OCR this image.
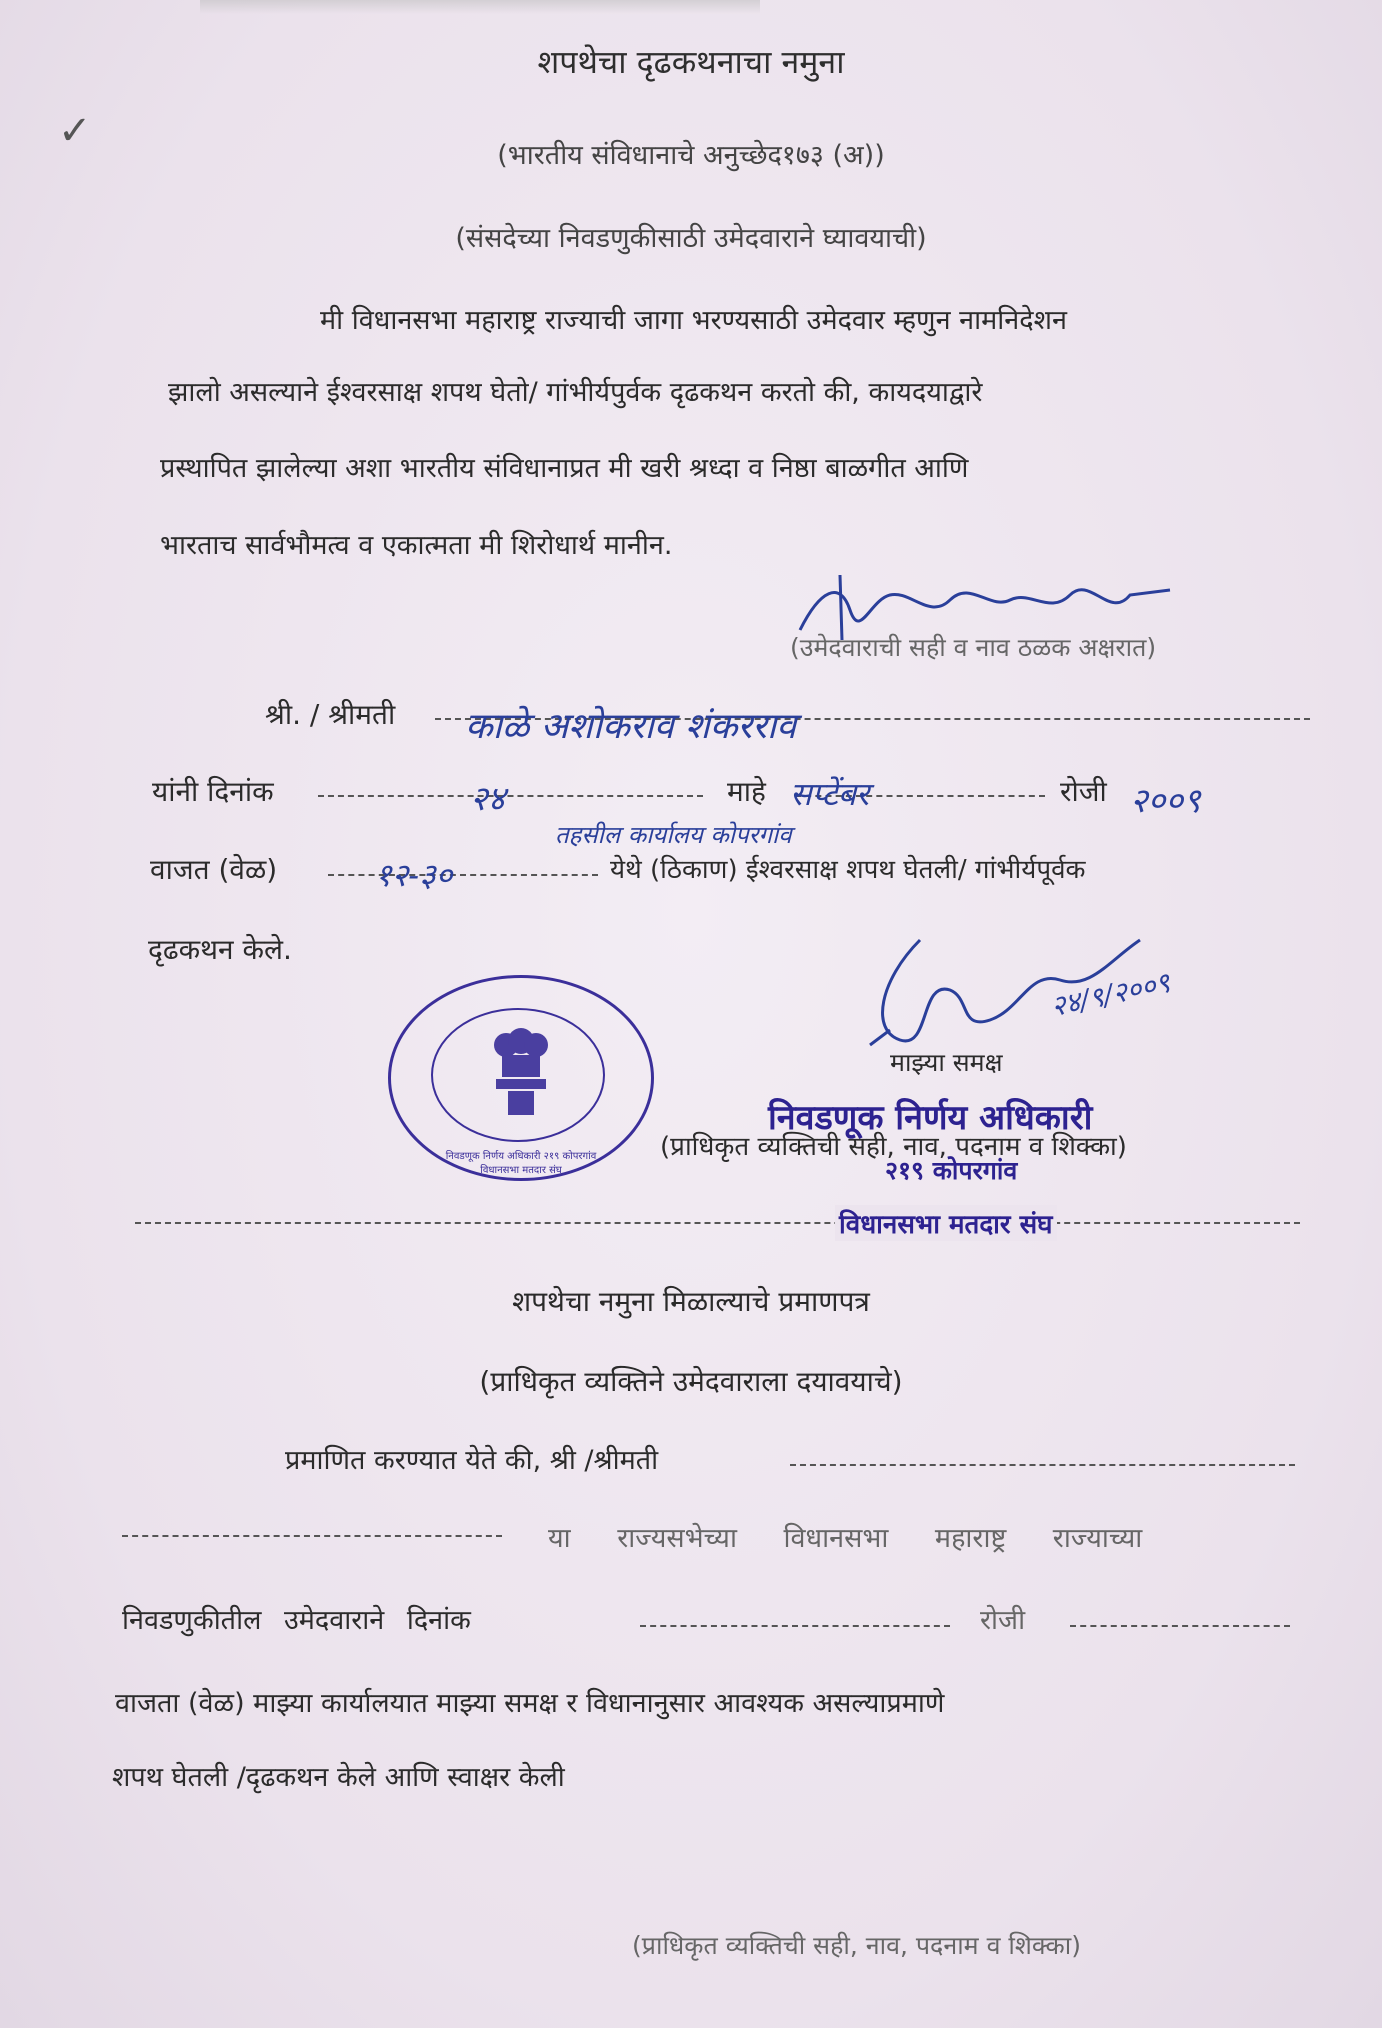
✓
शपथेचा दृढकथनाचा नमुना
(भारतीय संविधानाचे अनुच्छेद१७३ (अ))
(संसदेच्या निवडणुकीसाठी उमेदवाराने घ्यावयाची)
मी विधानसभा महाराष्ट्र राज्याची जागा भरण्यसाठी उमेदवार म्हणुन नामनिदेशन
झालो असल्याने ईश्वरसाक्ष शपथ घेतो/ गांभीर्यपुर्वक दृढकथन करतो की, कायदयाद्वारे
प्रस्थापित झालेल्या अशा भारतीय संविधानाप्रत मी खरी श्रध्दा व निष्ठा बाळगीत आणि
भारताच सार्वभौमत्व व एकात्मता मी शिरोधार्थ मानीन.
(उमेदवाराची सही व नाव ठळक अक्षरात)
श्री. / श्रीमती काळे अशोकराव शंकरराव
यांनी दिनांक	२४	माहे सप्टेंबर	रोजी २००९
तहसील कार्यालय कोपरगांव
वाजत (वेळ)	१२-३०	येथे (ठिकाण) ईश्वरसाक्ष शपथ घेतली/ गांभीर्यपूर्वक
दृढकथन केले.
निवडणूक निर्णय अधिकारी २१९ कोपरगांव विधानसभा मतदार संघ
२४/९/२००९
माझ्या समक्ष
निवडणूक निर्णय अधिकारी
(प्राधिकृत व्यक्तिची सही, नाव, पदनाम व शिक्का)
२१९ कोपरगांव
विधानसभा मतदार संघ
शपथेचा नमुना मिळाल्याचे प्रमाणपत्र
(प्राधिकृत व्यक्तिने उमेदवाराला दयावयाचे)
प्रमाणित करण्यात येते की, श्री /श्रीमती
या राज्यसभेच्या विधानसभा महाराष्ट्र राज्याच्या
निवडणुकीतील उमेदवाराने दिनांक	रोजी
वाजता (वेळ) माझ्या कार्यालयात माझ्या समक्ष र विधानानुसार आवश्यक असल्याप्रमाणे
शपथ घेतली /दृढकथन केले आणि स्वाक्षर केली
(प्राधिकृत व्यक्तिची सही, नाव, पदनाम व शिक्का)
